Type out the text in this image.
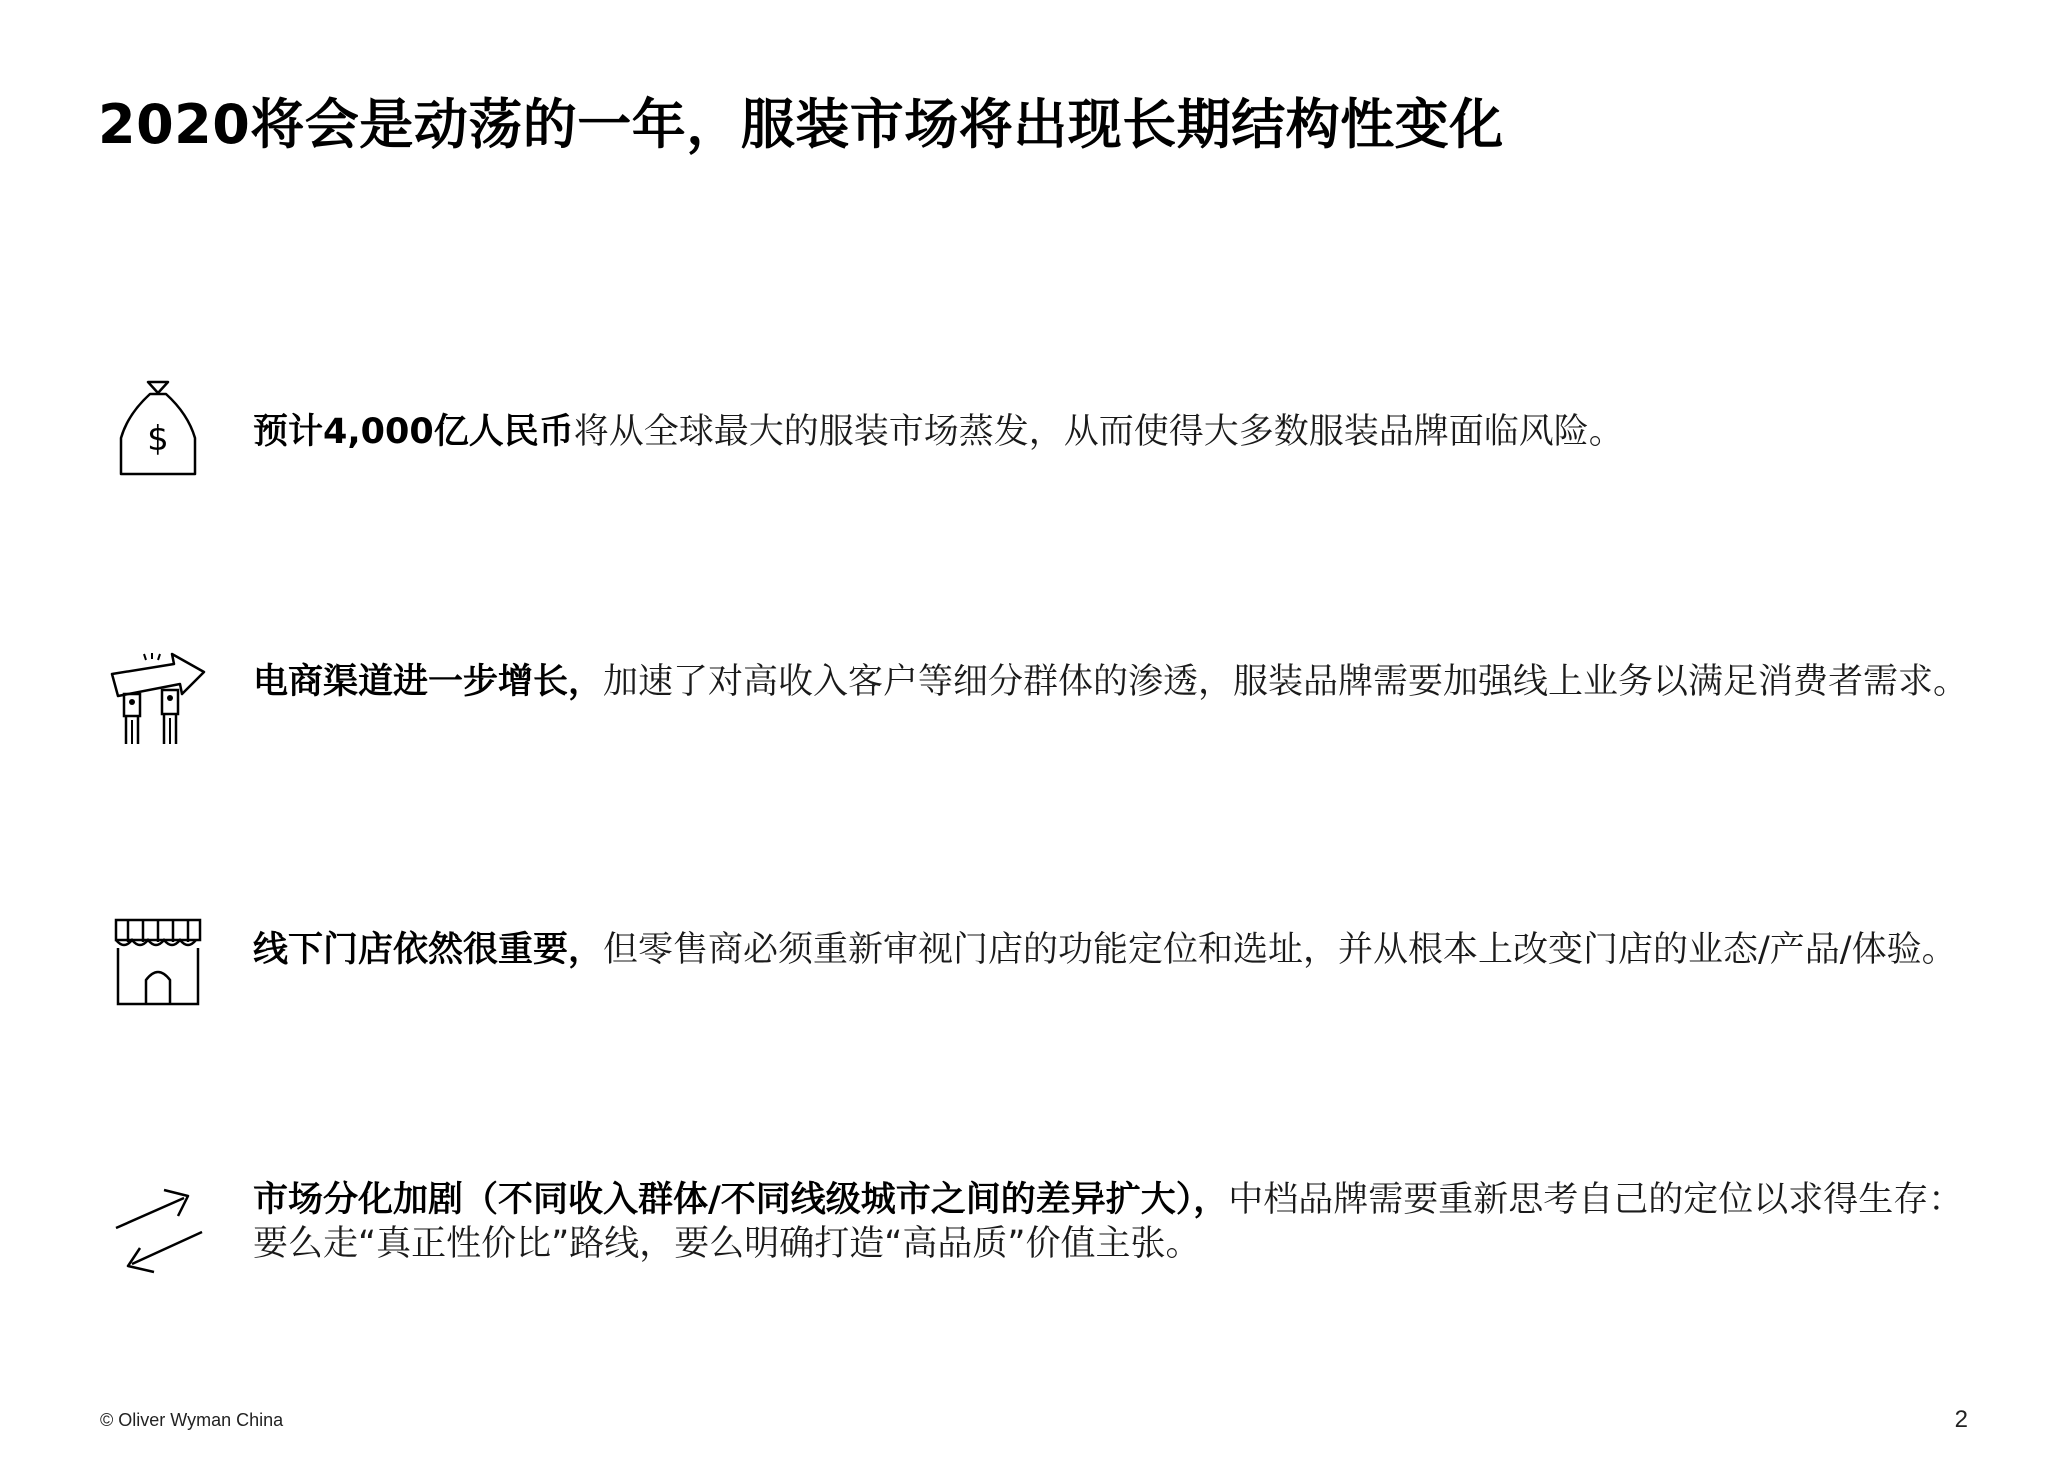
2020将会是动荡的一年，服装市场将出现长期结构性变化
$ 预计4,000亿人民币将从全球最大的服装市场蒸发，从而使得大多数服装品牌面临风险。

电商渠道进一步增长，加速了对高收入客户等细分群体的渗透，服装品牌需要加强线上业务以满足消费者需求。

线下门店依然很重要，但零售商必须重新审视门店的功能定位和选址，并从根本上改变门店的业态/产品/体验。

市场分化加剧（不同收入群体/不同线级城市之间的差异扩大），中档品牌需要重新思考自己的定位以求得生存：要么走“真正性价比”路线，要么明确打造“高品质”价值主张。

© Oliver Wyman China	2
